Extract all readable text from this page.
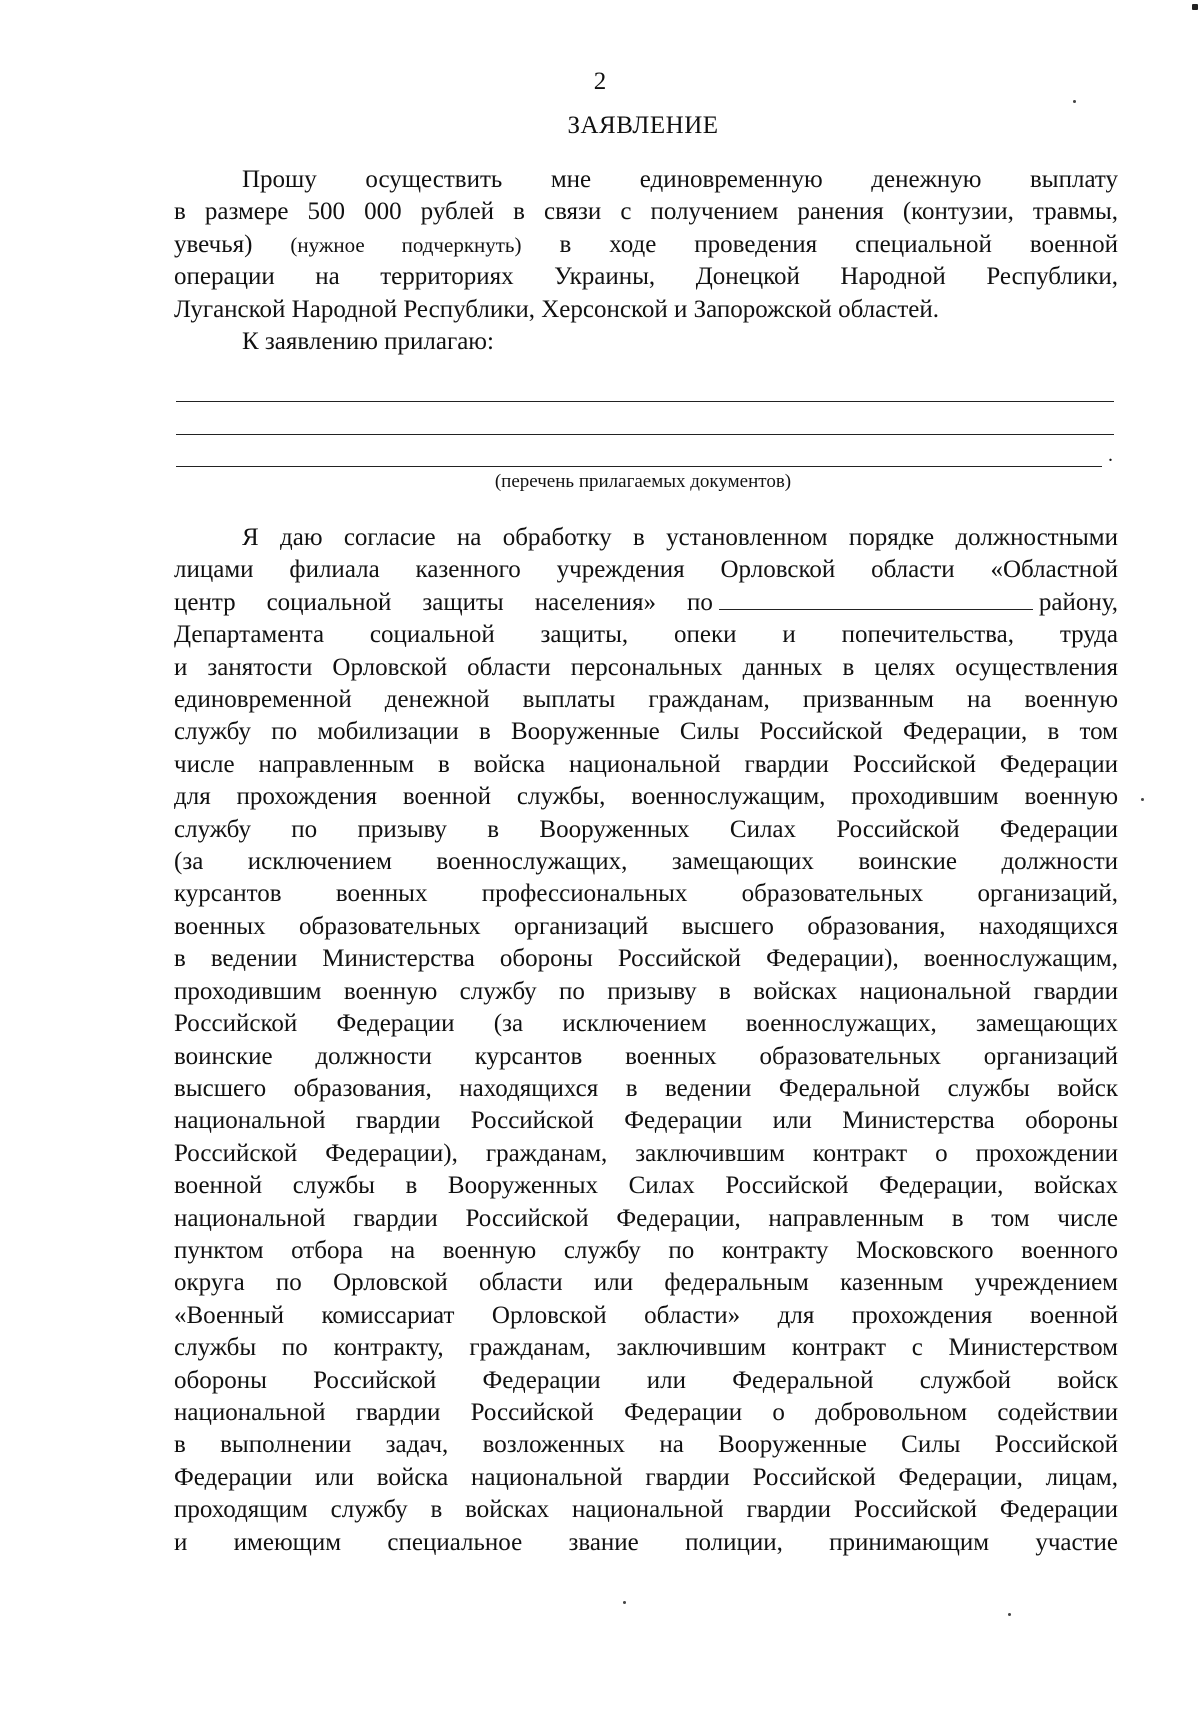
2
ЗАЯВЛЕНИЕ
Прошу осуществить мне единовременную денежную выплату
в размере 500 000 рублей в связи с получением ранения (контузии, травмы,
увечья) (нужное подчеркнуть) в ходе проведения специальной военной
операции на территориях Украины, Донецкой Народной Республики,
Луганской Народной Республики, Херсонской и Запорожской областей.
К заявлению прилагаю:
.
(перечень прилагаемых документов)
Я даю согласие на обработку в установленном порядке должностными
лицами филиала казенного учреждения Орловской области «Областной
центр социальной защиты населения» по	району,
Департамента социальной защиты, опеки и попечительства, труда
и занятости Орловской области персональных данных в целях осуществления
единовременной денежной выплаты гражданам, призванным на военную
службу по мобилизации в Вооруженные Силы Российской Федерации, в том
числе направленным в войска национальной гвардии Российской Федерации
для прохождения военной службы, военнослужащим, проходившим военную
службу по призыву в Вооруженных Силах Российской Федерации
(за исключением военнослужащих, замещающих воинские должности
курсантов военных профессиональных образовательных организаций,
военных образовательных организаций высшего образования, находящихся
в ведении Министерства обороны Российской Федерации), военнослужащим,
проходившим военную службу по призыву в войсках национальной гвардии
Российской Федерации (за исключением военнослужащих, замещающих
воинские должности курсантов военных образовательных организаций
высшего образования, находящихся в ведении Федеральной службы войск
национальной гвардии Российской Федерации или Министерства обороны
Российской Федерации), гражданам, заключившим контракт о прохождении
военной службы в Вооруженных Силах Российской Федерации, войсках
национальной гвардии Российской Федерации, направленным в том числе
пунктом отбора на военную службу по контракту Московского военного
округа по Орловской области или федеральным казенным учреждением
«Военный комиссариат Орловской области» для прохождения военной
службы по контракту, гражданам, заключившим контракт с Министерством
обороны Российской Федерации или Федеральной службой войск
национальной гвардии Российской Федерации о добровольном содействии
в выполнении задач, возложенных на Вооруженные Силы Российской
Федерации или войска национальной гвардии Российской Федерации, лицам,
проходящим службу в войсках национальной гвардии Российской Федерации
и имеющим специальное звание полиции, принимающим участие
